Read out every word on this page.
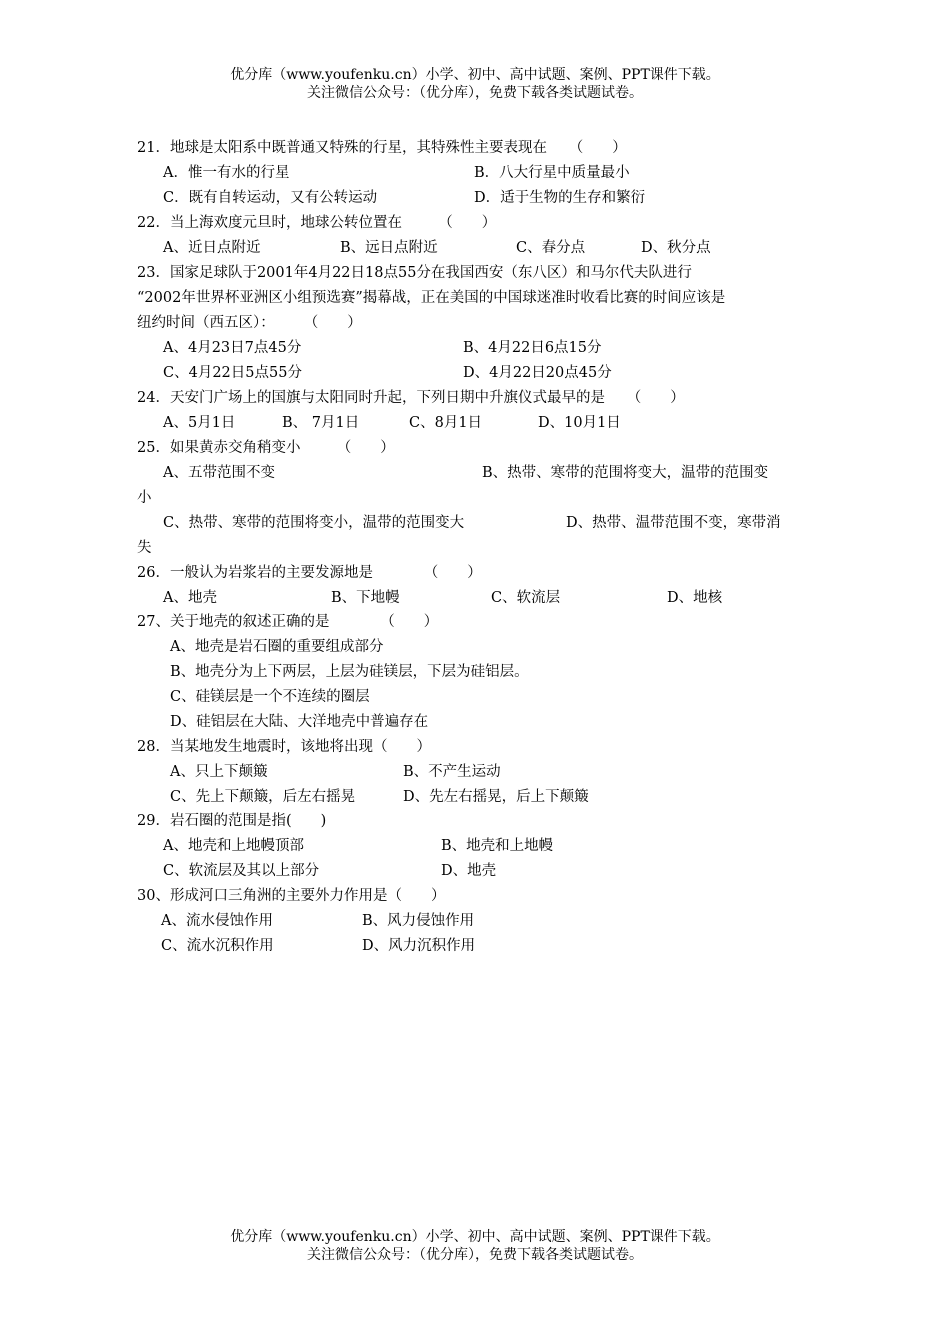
优分库（www.youfenku.cn）小学、初中、高中试题、案例、PPT课件下载。
关注微信公众号：（优分库），免费下载各类试题试卷。
21．地球是太阳系中既普通又特殊的行星，其特殊性主要表现在　　（　　）
A．惟一有水的行星	B．八大行星中质量最小
C．既有自转运动，又有公转运动	D．适于生物的生存和繁衍
22．当上海欢度元旦时，地球公转位置在　　　（　　）
A、近日点附近	B、远日点附近	C、春分点	D、秋分点
23．国家足球队于2001年4月22日18点55分在我国西安（东八区）和马尔代夫队进行
“2002年世界杯亚洲区小组预选赛”揭幕战，正在美国的中国球迷准时收看比赛的时间应该是
纽约时间（西五区）：　　　（　　）
A、4月23日7点45分	B、4月22日6点15分
C、4月22日5点55分	D、4月22日20点45分
24．天安门广场上的国旗与太阳同时升起，下列日期中升旗仪式最早的是　　（　　）
A、5月1日	B、 7月1日	C、8月1日	D、10月1日
25．如果黄赤交角稍变小　　　（　　）
A、五带范围不变	B、热带、寒带的范围将变大，温带的范围变
小
C、热带、寒带的范围将变小，温带的范围变大	D、热带、温带范围不变，寒带消
失
26．一般认为岩浆岩的主要发源地是　　　　（　　）
A、地壳	B、下地幔	C、软流层	D、地核
27、关于地壳的叙述正确的是　　　　（　　）
A、地壳是岩石圈的重要组成部分
B、地壳分为上下两层，上层为硅镁层，下层为硅铝层。
C、硅镁层是一个不连续的圈层
D、硅铝层在大陆、大洋地壳中普遍存在
28．当某地发生地震时，该地将出现（　　）
A、只上下颠簸	B、不产生运动
C、先上下颠簸，后左右摇晃	D、先左右摇晃，后上下颠簸
29．岩石圈的范围是指(　　)
A、地壳和上地幔顶部	B、地壳和上地幔
C、软流层及其以上部分	D、地壳
30、形成河口三角洲的主要外力作用是（　　）
A、流水侵蚀作用	B、风力侵蚀作用
C、流水沉积作用	D、风力沉积作用
优分库（www.youfenku.cn）小学、初中、高中试题、案例、PPT课件下载。
关注微信公众号：（优分库），免费下载各类试题试卷。
